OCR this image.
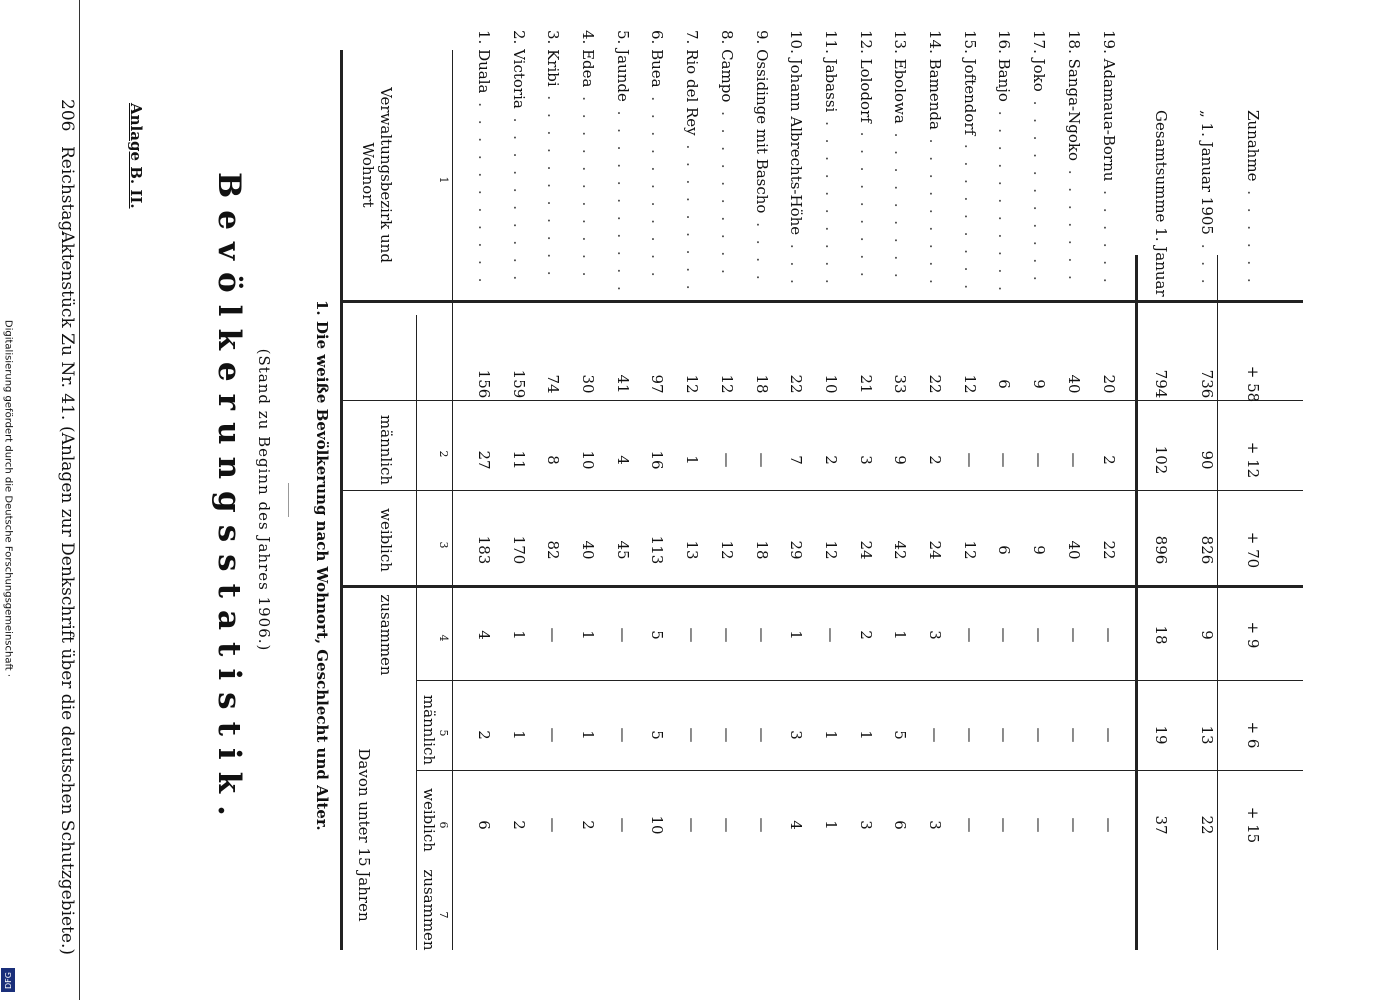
206
Reichstag.
Aktenstück Zu Nr. 41.
(Anlagen zur Denkschrift über die deutschen Schutzgebiete.)
Anlage B. II.
Bevölkerungsstatistik. (Stand zu Beginn des Jahres 1906.)	1. Die weiße Bevölkerung nach Wohnort, Geschlecht und Alter.
Verwaltungsbezirk und Wohnort
männlich
weiblich
zusammen
Davon unter 15 Jahren
männlich
weiblich
zusammen
1
2
3
4
5
6
7
1. Duala . . . . . . . . . . .
156
27
183
4
2
6
2. Victoria . . . . . . . . . .
159
11
170
1
1
2
3. Kribi . . . . . . . . . . .
74
8
82
—
—
—
4. Edea . . . . . . . . . . .
30
10
40
1
1
2
5. Jaunde . . . . . . . . . . .
41
4
45
—
—
—
6. Buea . . . . . . . . . . .
97
16
113
5
5
10
7. Rio del Rey . . . . . . . . .
12
1
13
—
—
—
8. Campo . . . . . . . . . .
12
—
12
—
—
—
9. Ossidinge mit Bascho . . . .
18
—
18
—
—
—
10. Johann Albrechts-Höhe . . .
22
7
29
1
3
4
11. Jabassi . . . . . . . . . .
10
2
12
—
1
1
12. Lolodorf . . . . . . . . .
21
3
24
2
1
3
13. Ebolowa . . . . . . . . .
33
9
42
1
5
6
14. Bamenda . . . . . . . . .
22
2
24
3
—
3
15. Joftendorf . . . . . . . . .
12
—
12
—
—
—
16. Banjo . . . . . . . . . . .
6
—
6
—
—
—
17. Joko . . . . . . . . . . .
9
—
9
—
—
—
18. Sanga-Ngoko . . . . . . .
40
—
40
—
—
—
19. Adamaua-Bornu . . . . . .
20
2
22
—
—
—
Gesamtsumme 1. Januar
794
102
896
18
19
37
„ 1. Januar 1905 . . .
736
90
826
9
13
22
Zunahme . . . . . .
+ 58
+ 12
+ 70
+ 9
+ 6
+ 15
Digitalisierung gefördert durch die Deutsche Forschungsgemeinschaft ·
DFG
